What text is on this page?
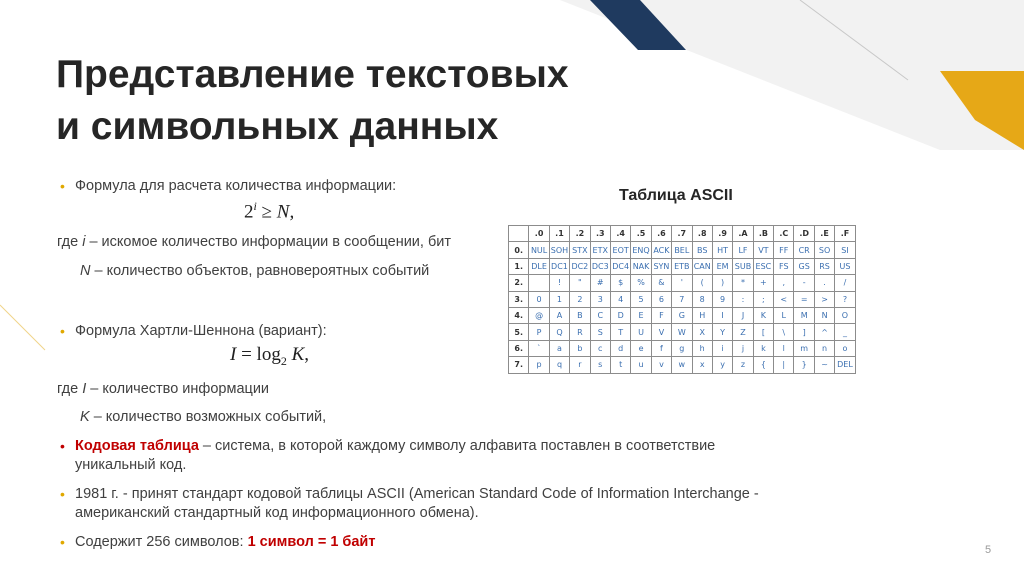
Представление текстовых
и символьных данных
• Формула для расчета количества информации:
$2^i \ge N$,
где i – искомое количество информации в сообщении, бит
N – количество объектов, равновероятных событий
• Формула Хартли-Шеннона (вариант):
$I = \log_2 K$,
где I – количество информации
K – количество возможных событий,
• Кодовая таблица – система, в которой каждому символу алфавита поставлен в соответствие
уникальный код.
• 1981 г. - принят стандарт кодовой таблицы ASCII (American Standard Code of Information Interchange -
американский стандартный код информационного обмена).
• Содержит 256 символов: 1 символ = 1 байт
Таблица ASCII
	.0	.1	.2	.3	.4	.5	.6	.7	.8	.9	.A	.B	.C	.D	.E	.F
0.	NUL	SOH	STX	ETX	EOT	ENQ	ACK	BEL	BS	HT	LF	VT	FF	CR	SO	SI
1.	DLE	DC1	DC2	DC3	DC4	NAK	SYN	ETB	CAN	EM	SUB	ESC	FS	GS	RS	US
2.		!	"	#	$	%	&	'	(	)	*	+	,	-	.	/
3.	0	1	2	3	4	5	6	7	8	9	:	;	<	=	>	?
4.	@	A	B	C	D	E	F	G	H	I	J	K	L	M	N	O
5.	P	Q	R	S	T	U	V	W	X	Y	Z	[	\	]	^	_
6.	`	a	b	c	d	e	f	g	h	i	j	k	l	m	n	o
7.	p	q	r	s	t	u	v	w	x	y	z	{	|	}	~	DEL
5
